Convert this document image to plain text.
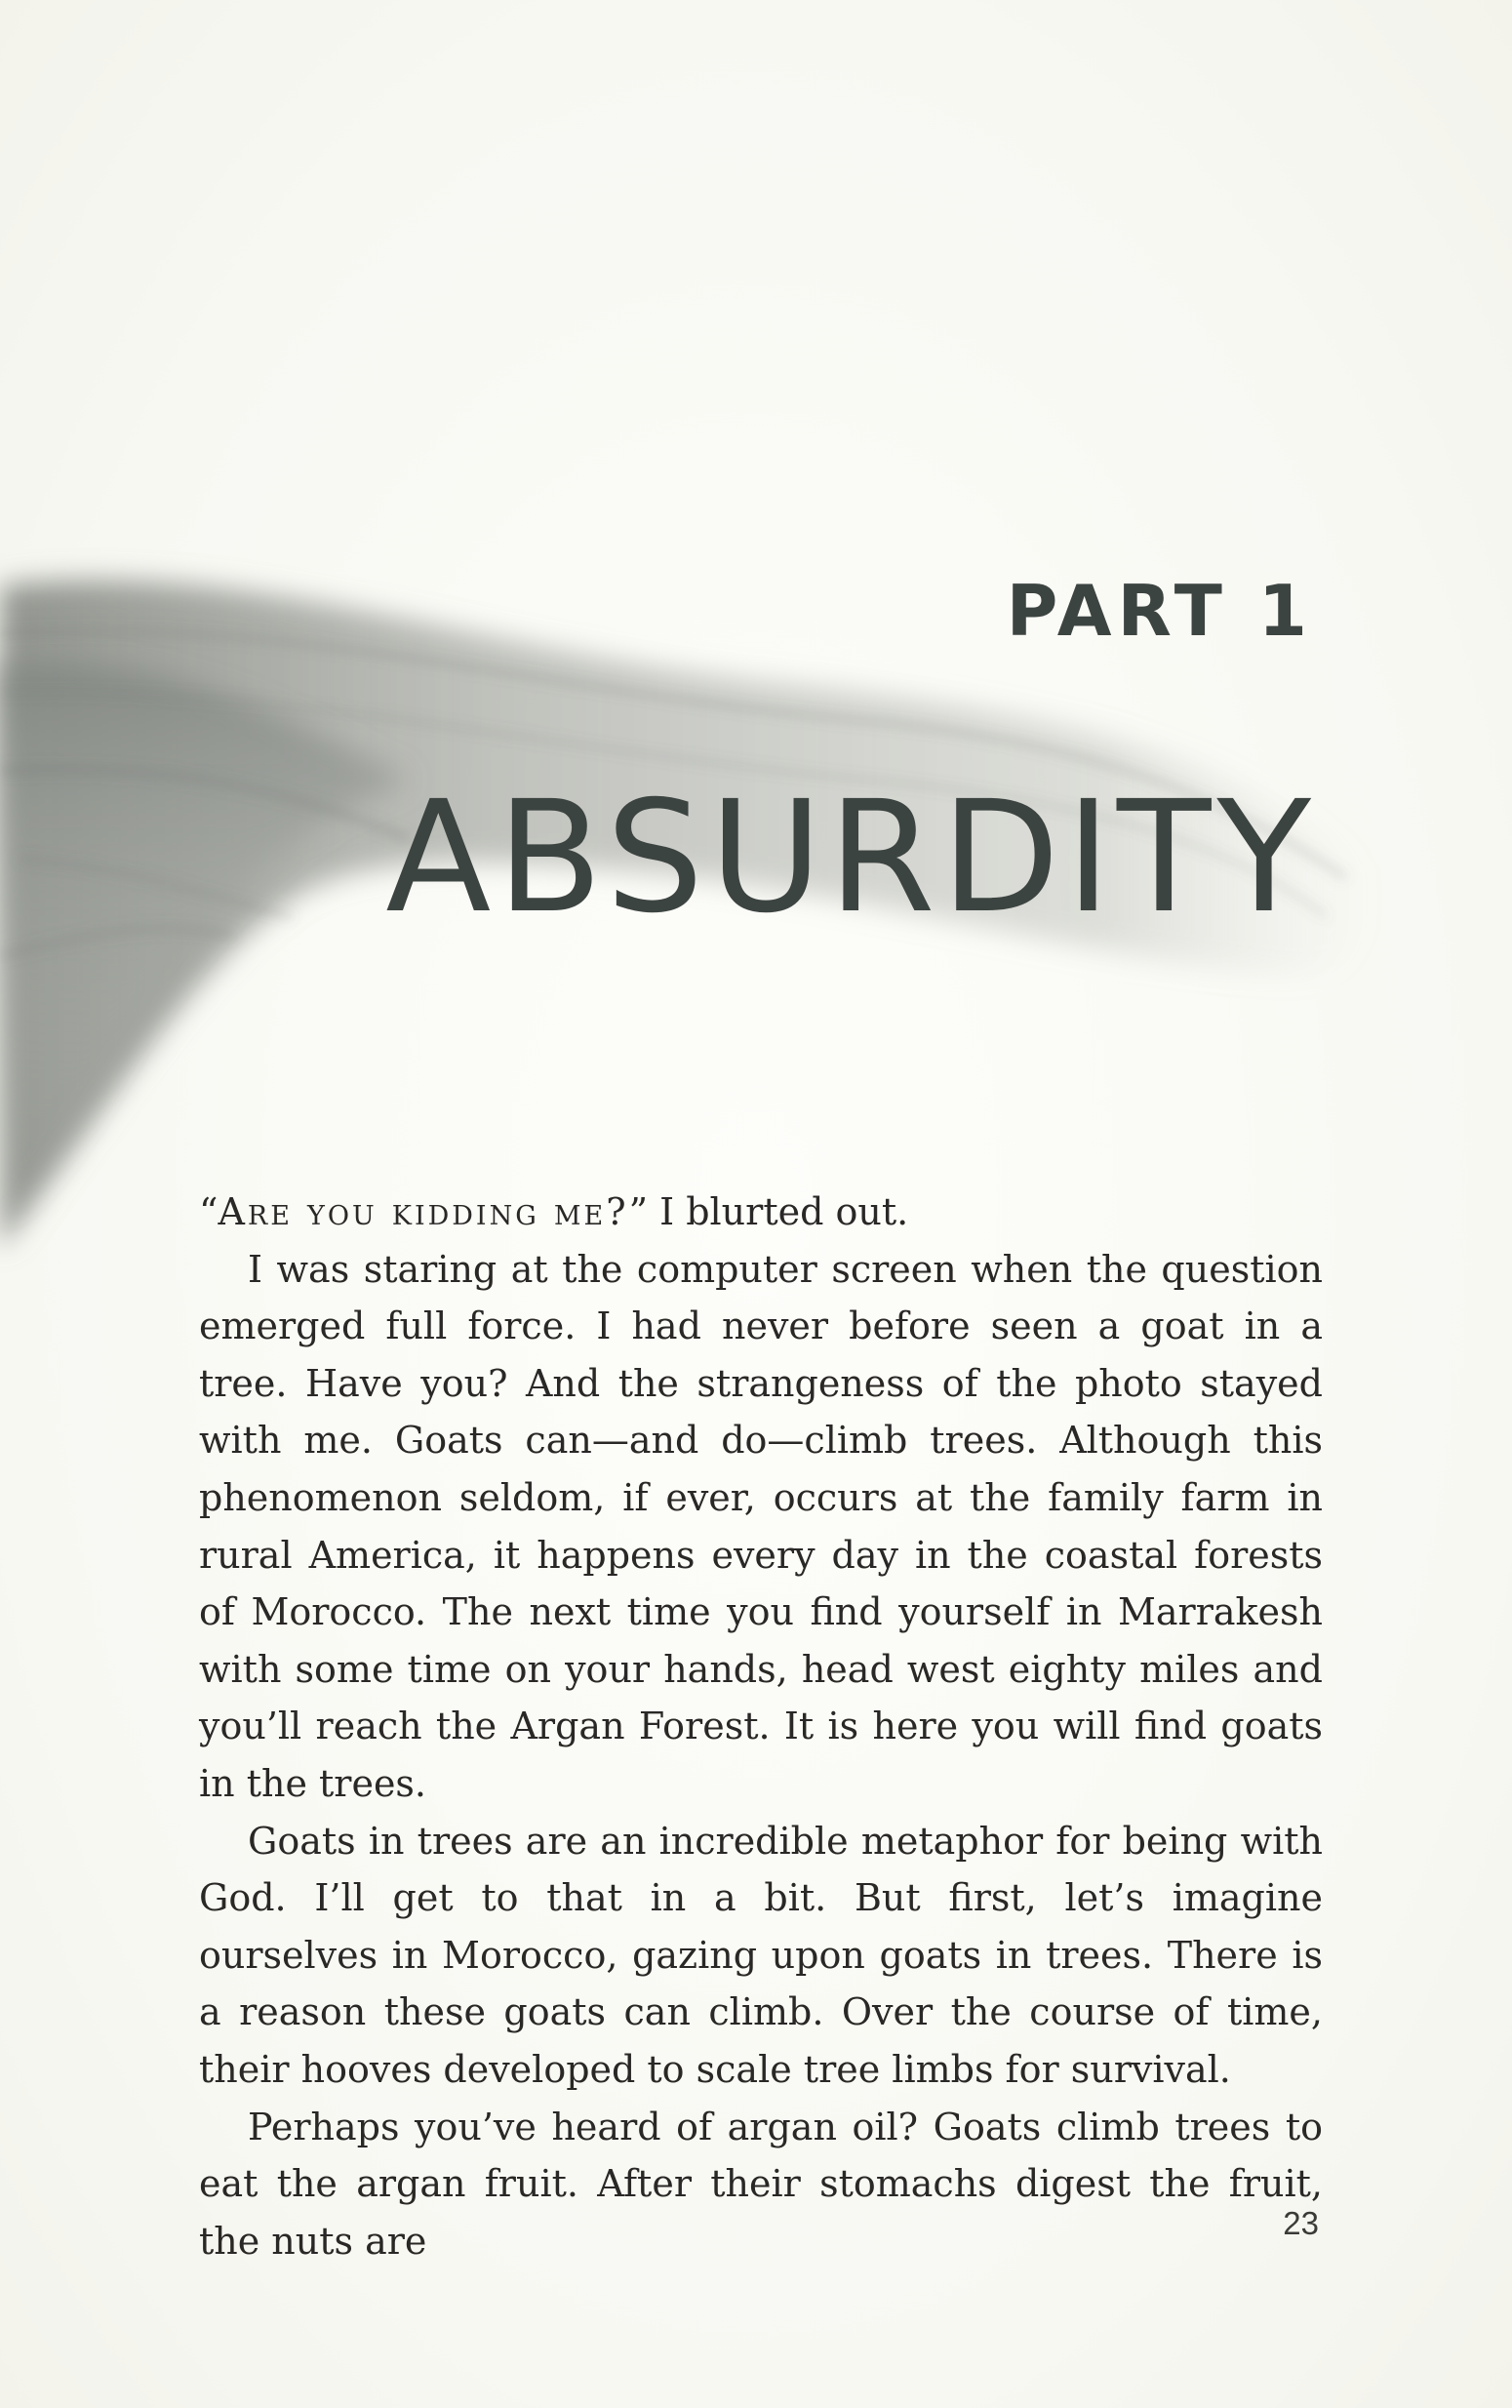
PART 1
ABSURDITY

“Are you kidding me?” I blurted out.

I was staring at the computer screen when the question emerged full force. I had never before seen a goat in a tree. Have you? And the strangeness of the photo stayed with me. Goats can—and do—climb trees. Although this phenomenon seldom, if ever, occurs at the family farm in rural America, it happens every day in the coastal forests of Morocco. The next time you find yourself in Marrakesh with some time on your hands, head west eighty miles and you’ll reach the Argan Forest. It is here you will find goats in the trees.

Goats in trees are an incredible metaphor for being with God. I’ll get to that in a bit. But first, let’s imagine ourselves in Morocco, gazing upon goats in trees. There is a reason these goats can climb. Over the course of time, their hooves developed to scale tree limbs for survival.

Perhaps you’ve heard of argan oil? Goats climb trees to eat the argan fruit. After their stomachs digest the fruit, the nuts are	23
